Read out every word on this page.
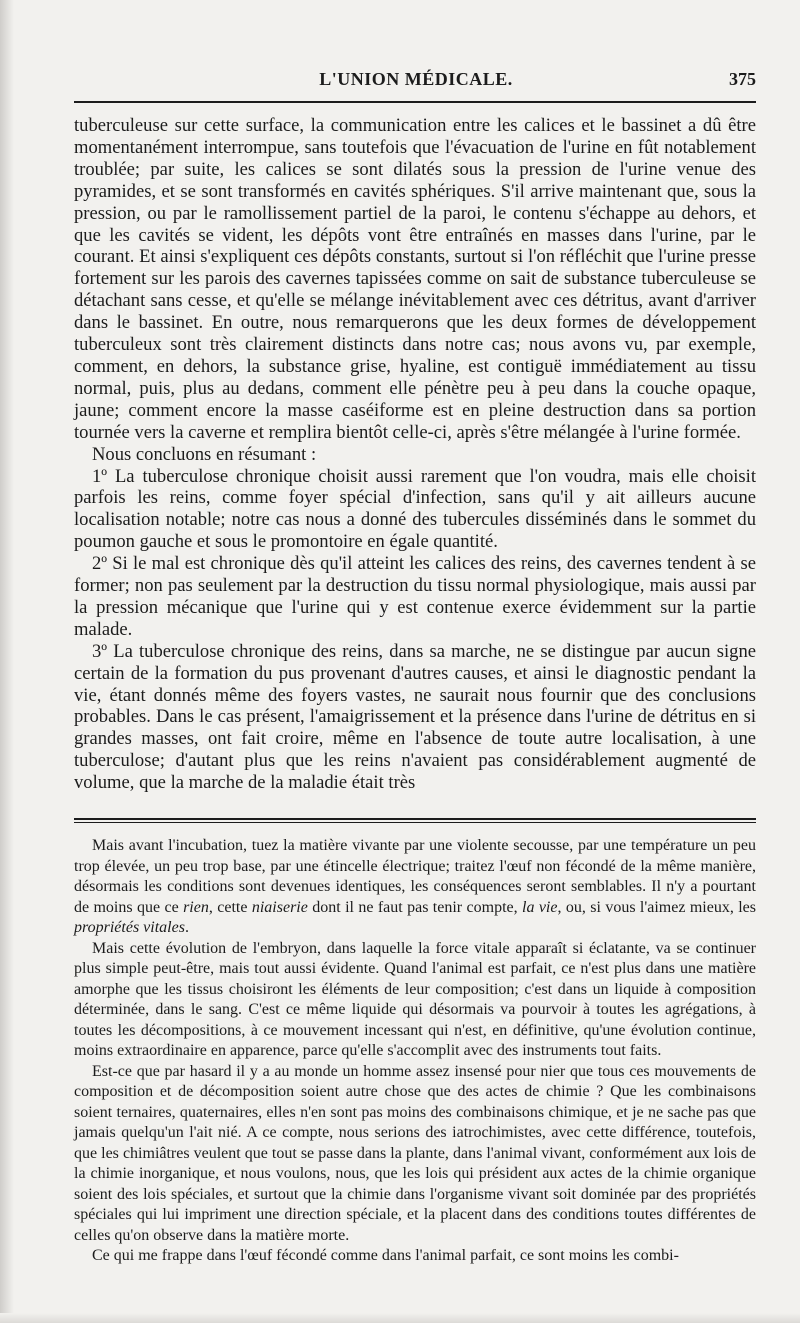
L'UNION MÉDICALE.	375

tuberculeuse sur cette surface, la communication entre les calices et le bassinet a dû être momentanément interrompue, sans toutefois que l'évacuation de l'urine en fût notablement troublée; par suite, les calices se sont dilatés sous la pression de l'urine venue des pyramides, et se sont transformés en cavités sphériques. S'il arrive maintenant que, sous la pression, ou par le ramollissement partiel de la paroi, le contenu s'échappe au dehors, et que les cavités se vident, les dépôts vont être entraînés en masses dans l'urine, par le courant. Et ainsi s'expliquent ces dépôts constants, surtout si l'on réfléchit que l'urine presse fortement sur les parois des cavernes tapissées comme on sait de substance tuberculeuse se détachant sans cesse, et qu'elle se mélange inévitablement avec ces détritus, avant d'arriver dans le bassinet. En outre, nous remarquerons que les deux formes de développement tuberculeux sont très clairement distincts dans notre cas; nous avons vu, par exemple, comment, en dehors, la substance grise, hyaline, est contiguë immédiatement au tissu normal, puis, plus au dedans, comment elle pénètre peu à peu dans la couche opaque, jaune; comment encore la masse caséiforme est en pleine destruction dans sa portion tournée vers la caverne et remplira bientôt celle-ci, après s'être mélangée à l'urine formée.

Nous concluons en résumant :

1º La tuberculose chronique choisit aussi rarement que l'on voudra, mais elle choisit parfois les reins, comme foyer spécial d'infection, sans qu'il y ait ailleurs aucune localisation notable; notre cas nous a donné des tubercules disséminés dans le sommet du poumon gauche et sous le promontoire en égale quantité.

2º Si le mal est chronique dès qu'il atteint les calices des reins, des cavernes tendent à se former; non pas seulement par la destruction du tissu normal physiologique, mais aussi par la pression mécanique que l'urine qui y est contenue exerce évidemment sur la partie malade.

3º La tuberculose chronique des reins, dans sa marche, ne se distingue par aucun signe certain de la formation du pus provenant d'autres causes, et ainsi le diagnostic pendant la vie, étant donnés même des foyers vastes, ne saurait nous fournir que des conclusions probables. Dans le cas présent, l'amaigrissement et la présence dans l'urine de détritus en si grandes masses, ont fait croire, même en l'absence de toute autre localisation, à une tuberculose; d'autant plus que les reins n'avaient pas considérablement augmenté de volume, que la marche de la maladie était très

Mais avant l'incubation, tuez la matière vivante par une violente secousse, par une température un peu trop élevée, un peu trop base, par une étincelle électrique; traitez l'œuf non fécondé de la même manière, désormais les conditions sont devenues identiques, les conséquences seront semblables. Il n'y a pourtant de moins que ce rien, cette niaiserie dont il ne faut pas tenir compte, la vie, ou, si vous l'aimez mieux, les propriétés vitales.

Mais cette évolution de l'embryon, dans laquelle la force vitale apparaît si éclatante, va se continuer plus simple peut-être, mais tout aussi évidente. Quand l'animal est parfait, ce n'est plus dans une matière amorphe que les tissus choisiront les éléments de leur composition; c'est dans un liquide à composition déterminée, dans le sang. C'est ce même liquide qui désormais va pourvoir à toutes les agrégations, à toutes les décompositions, à ce mouvement incessant qui n'est, en définitive, qu'une évolution continue, moins extraordinaire en apparence, parce qu'elle s'accomplit avec des instruments tout faits.

Est-ce que par hasard il y a au monde un homme assez insensé pour nier que tous ces mouvements de composition et de décomposition soient autre chose que des actes de chimie ? Que les combinaisons soient ternaires, quaternaires, elles n'en sont pas moins des combinaisons chimique, et je ne sache pas que jamais quelqu'un l'ait nié. A ce compte, nous serions des iatrochimistes, avec cette différence, toutefois, que les chimiâtres veulent que tout se passe dans la plante, dans l'animal vivant, conformément aux lois de la chimie inorganique, et nous voulons, nous, que les lois qui président aux actes de la chimie organique soient des lois spéciales, et surtout que la chimie dans l'organisme vivant soit dominée par des propriétés spéciales qui lui impriment une direction spéciale, et la placent dans des conditions toutes différentes de celles qu'on observe dans la matière morte.

Ce qui me frappe dans l'œuf fécondé comme dans l'animal parfait, ce sont moins les combi-
